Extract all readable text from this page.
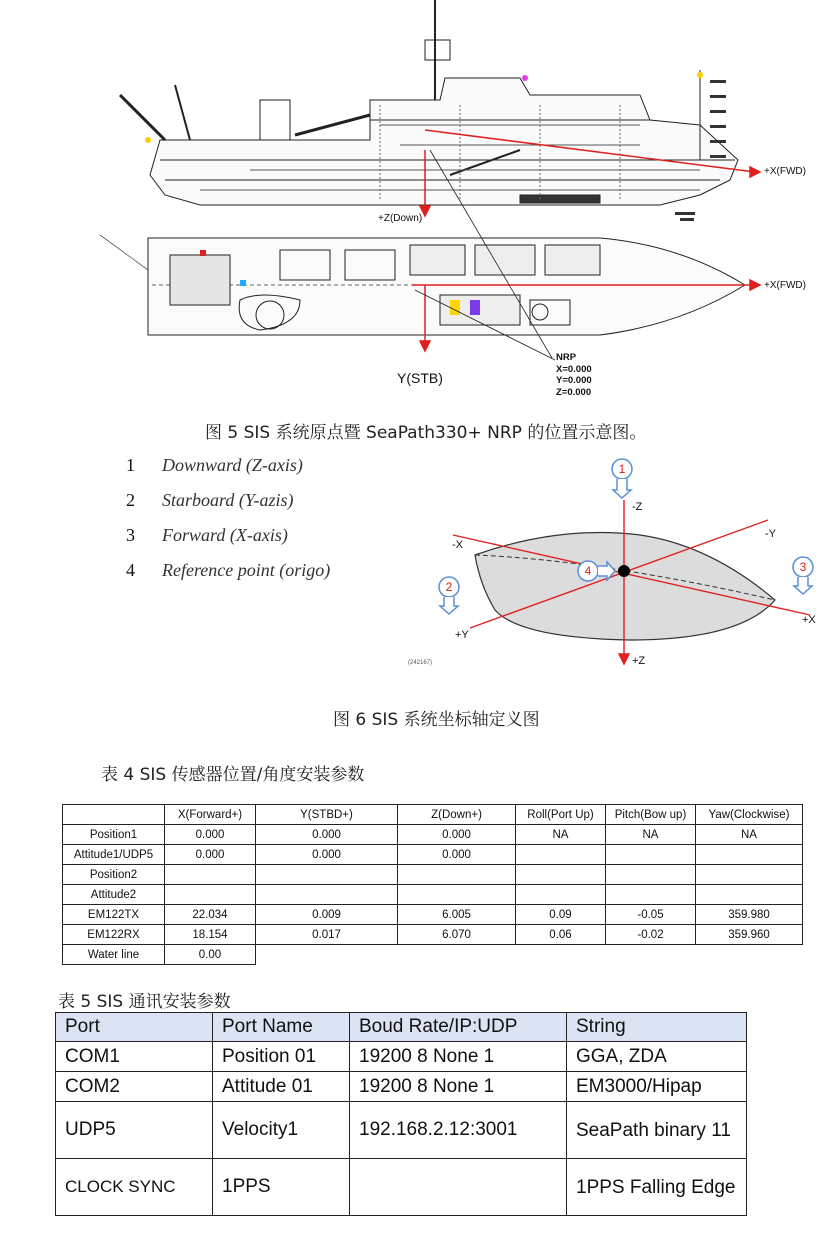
+Z(Down)
+X(FWD)
+X(FWD)
Y(STB)
NRP
X=0.000
Y=0.000
Z=0.000
图 5 SIS 系统原点暨 SeaPath330+ NRP 的位置示意图。
1	Downward (Z-axis)
2	Starboard (Y-azis)
3	Forward (X-axis)
4	Reference point (origo)
1
2
3
4
-Z
+Z
-X
+X
-Y
+Y
(242167)
图 6 SIS 系统坐标轴定义图
表 4 SIS 传感器位置/角度安装参数
	X(Forward+)	Y(STBD+)	Z(Down+)	Roll(Port Up)	Pitch(Bow up)	Yaw(Clockwise)
Position1	0.000	0.000	0.000	NA	NA	NA
Attitude1/UDP5	0.000	0.000	0.000			
Position2						
Attitude2						
EM122TX	22.034	0.009	6.005	0.09	-0.05	359.980
EM122RX	18.154	0.017	6.070	0.06	-0.02	359.960
Water line	0.00					
表 5 SIS 通讯安装参数
Port	Port Name	Boud Rate/IP:UDP	String
COM1	Position 01	19200 8 None 1	GGA, ZDA
COM2	Attitude 01	19200 8 None 1	EM3000/Hipap
UDP5	Velocity1	192.168.2.12:3001	SeaPath binary 11
CLOCK SYNC	1PPS		1PPS Falling Edge
